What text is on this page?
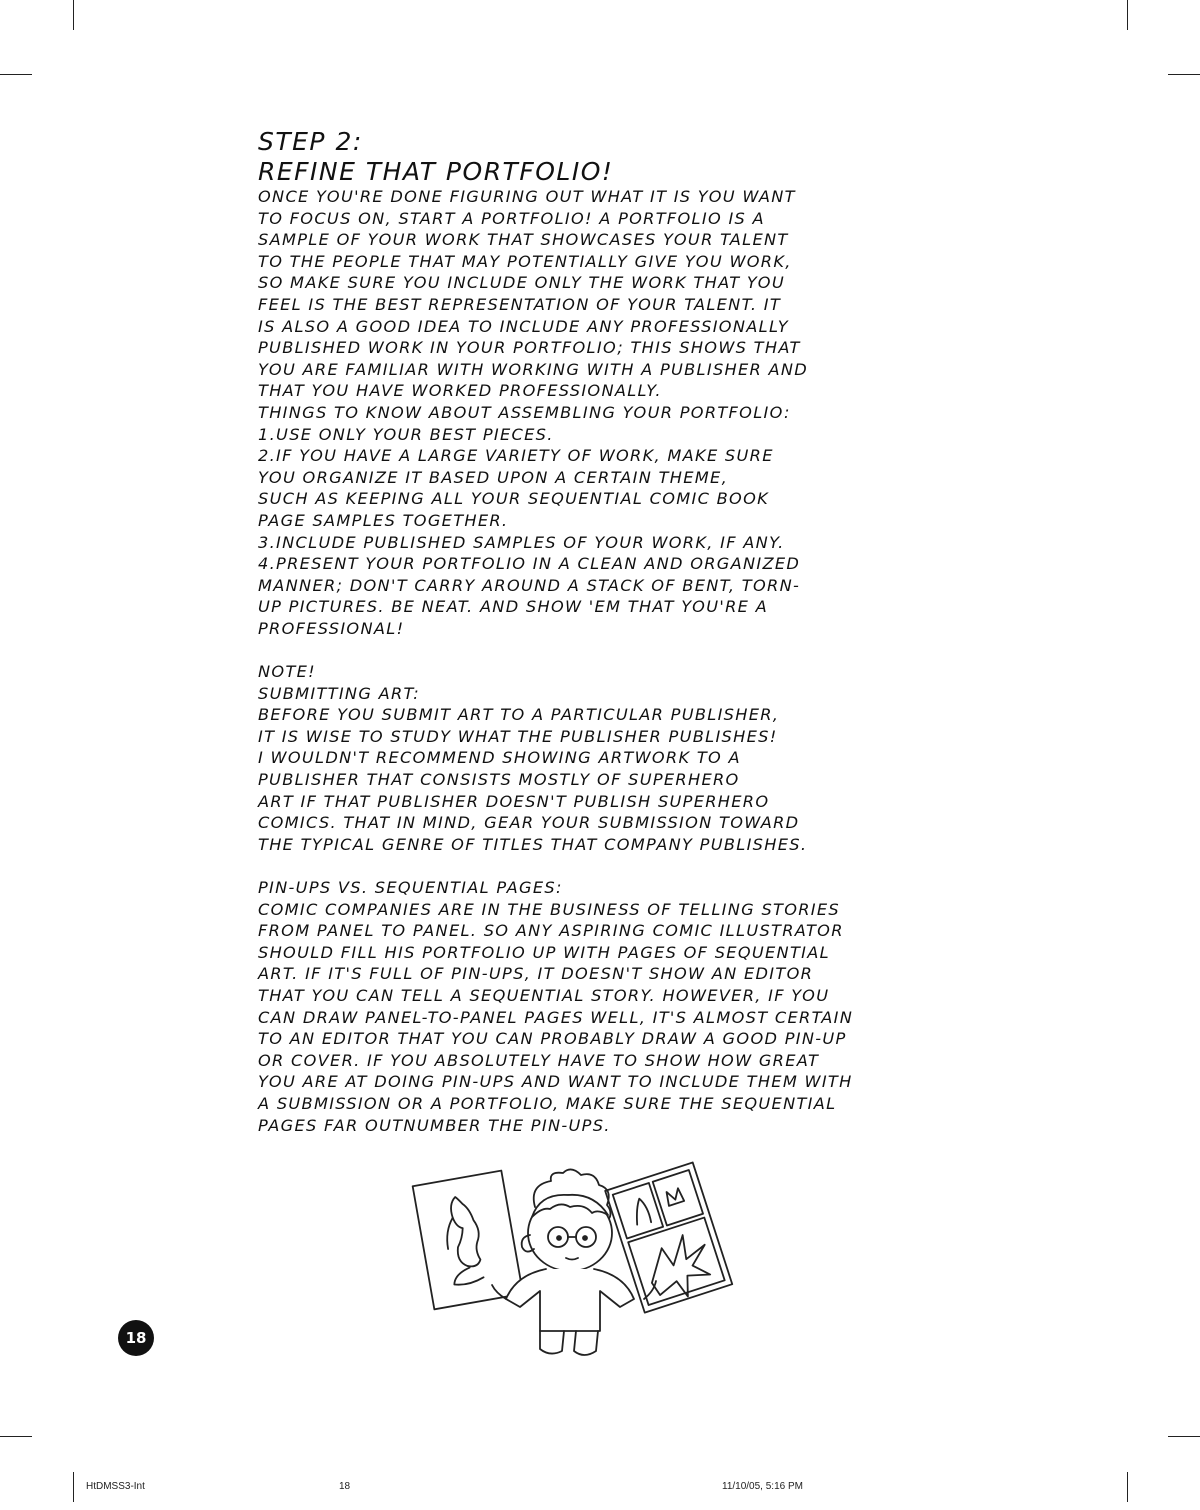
STEP 2:

REFINE THAT PORTFOLIO!

ONCE YOU'RE DONE FIGURING OUT WHAT IT IS YOU WANT

TO FOCUS ON, START A PORTFOLIO! A PORTFOLIO IS A

SAMPLE OF YOUR WORK THAT SHOWCASES YOUR TALENT

TO THE PEOPLE THAT MAY POTENTIALLY GIVE YOU WORK,

SO MAKE SURE YOU INCLUDE ONLY THE WORK THAT YOU

FEEL IS THE BEST REPRESENTATION OF YOUR TALENT. IT

IS ALSO A GOOD IDEA TO INCLUDE ANY PROFESSIONALLY

PUBLISHED WORK IN YOUR PORTFOLIO; THIS SHOWS THAT

YOU ARE FAMILIAR WITH WORKING WITH A PUBLISHER AND

THAT YOU HAVE WORKED PROFESSIONALLY.

THINGS TO KNOW ABOUT ASSEMBLING YOUR PORTFOLIO:

1.USE ONLY YOUR BEST PIECES.

2.IF YOU HAVE A LARGE VARIETY OF WORK, MAKE SURE

YOU ORGANIZE IT BASED UPON A CERTAIN THEME,

SUCH AS KEEPING ALL YOUR SEQUENTIAL COMIC BOOK

PAGE SAMPLES TOGETHER.

3.INCLUDE PUBLISHED SAMPLES OF YOUR WORK, IF ANY.

4.PRESENT YOUR PORTFOLIO IN A CLEAN AND ORGANIZED

MANNER; DON'T CARRY AROUND A STACK OF BENT, TORN-

UP PICTURES. BE NEAT. AND SHOW 'EM THAT YOU'RE A

PROFESSIONAL!

NOTE!

SUBMITTING ART:

BEFORE YOU SUBMIT ART TO A PARTICULAR PUBLISHER,

IT IS WISE TO STUDY WHAT THE PUBLISHER PUBLISHES!

I WOULDN'T RECOMMEND SHOWING ARTWORK TO A

PUBLISHER THAT CONSISTS MOSTLY OF SUPERHERO

ART IF THAT PUBLISHER DOESN'T PUBLISH SUPERHERO

COMICS. THAT IN MIND, GEAR YOUR SUBMISSION TOWARD

THE TYPICAL GENRE OF TITLES THAT COMPANY PUBLISHES.

PIN-UPS VS. SEQUENTIAL PAGES:

COMIC COMPANIES ARE IN THE BUSINESS OF TELLING STORIES

FROM PANEL TO PANEL. SO ANY ASPIRING COMIC ILLUSTRATOR

SHOULD FILL HIS PORTFOLIO UP WITH PAGES OF SEQUENTIAL

ART. IF IT'S FULL OF PIN-UPS, IT DOESN'T SHOW AN EDITOR

THAT YOU CAN TELL A SEQUENTIAL STORY. HOWEVER, IF YOU

CAN DRAW PANEL-TO-PANEL PAGES WELL, IT'S ALMOST CERTAIN

TO AN EDITOR THAT YOU CAN PROBABLY DRAW A GOOD PIN-UP

OR COVER. IF YOU ABSOLUTELY HAVE TO SHOW HOW GREAT

YOU ARE AT DOING PIN-UPS AND WANT TO INCLUDE THEM WITH

A SUBMISSION OR A PORTFOLIO, MAKE SURE THE SEQUENTIAL

PAGES FAR OUTNUMBER THE PIN-UPS.

18
HtDMSS3-Int	18	11/10/05, 5:16 PM
